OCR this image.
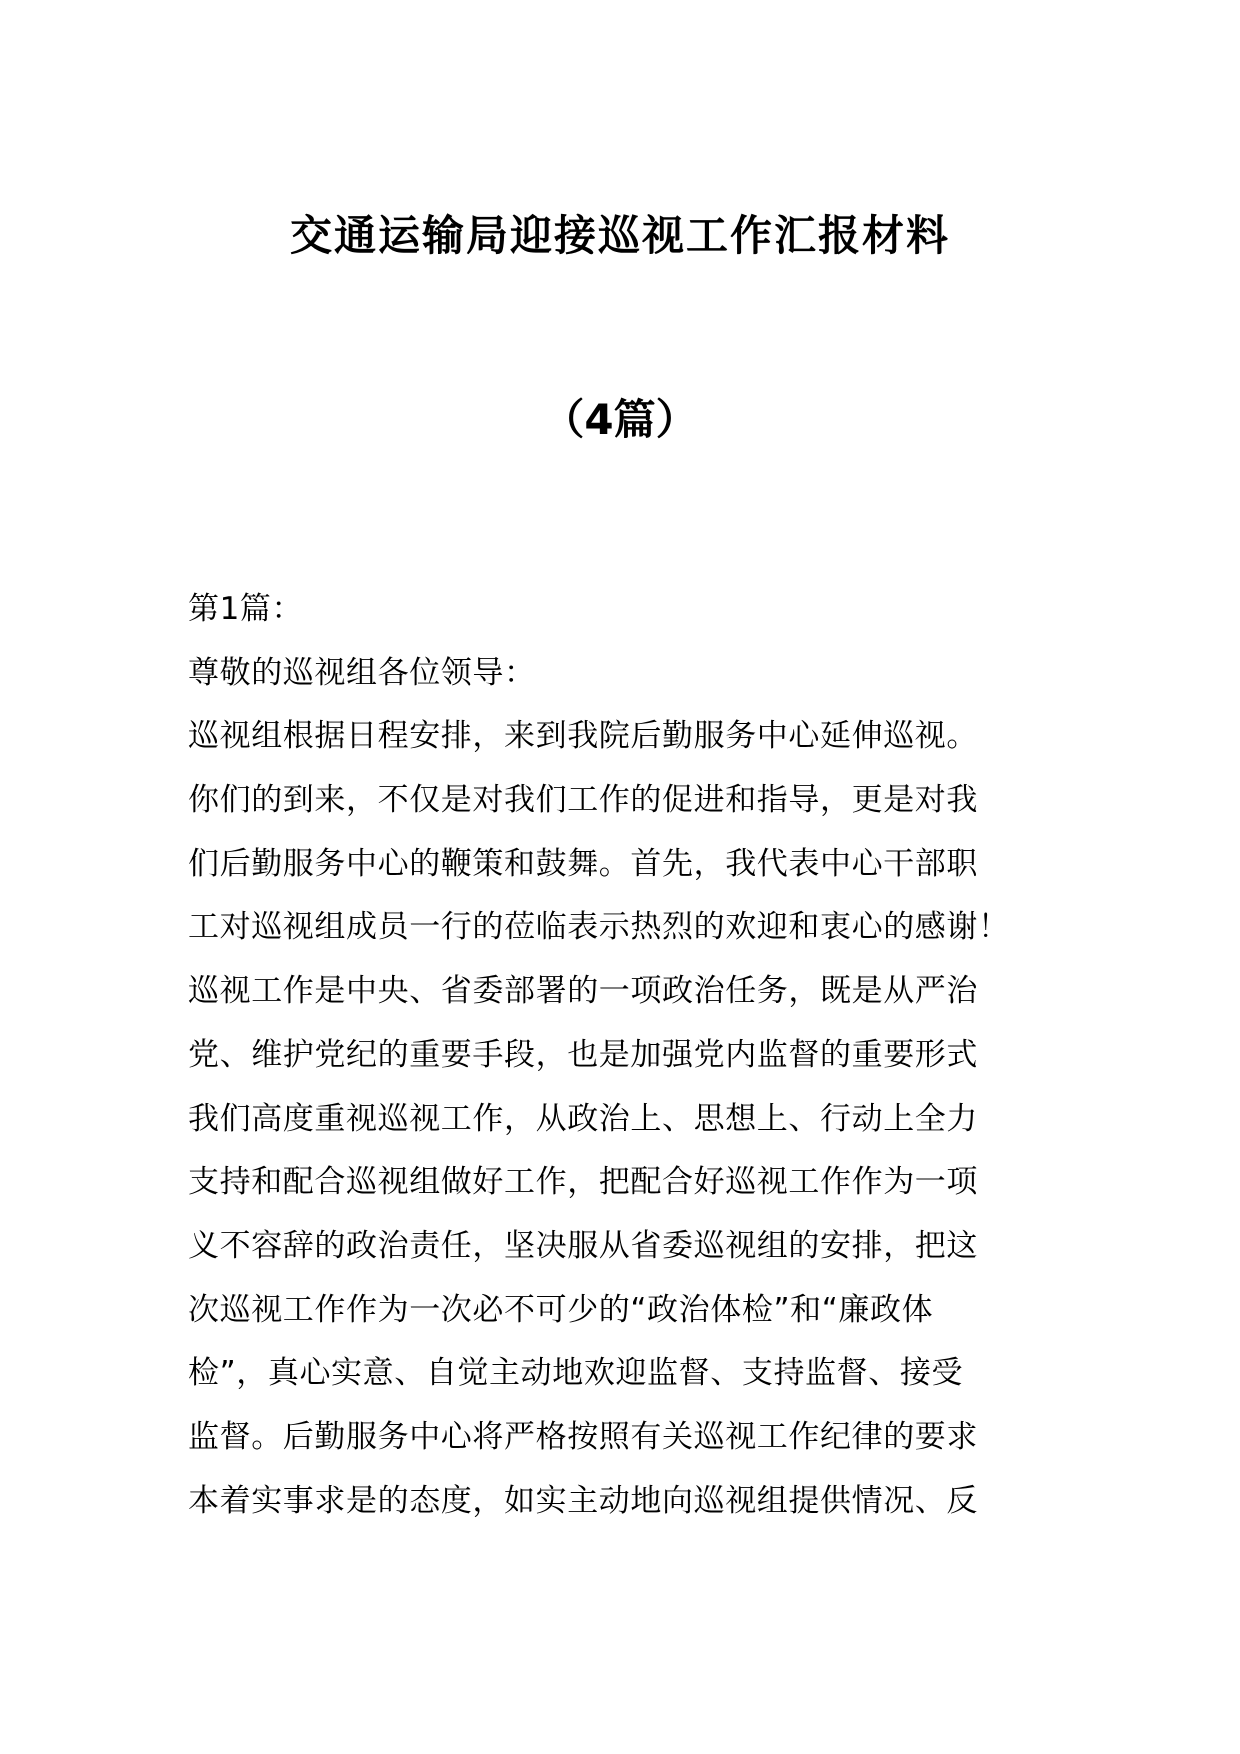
交通运输局迎接巡视工作汇报材料
（4篇）
第1篇：
尊敬的巡视组各位领导：
巡视组根据日程安排，来到我院后勤服务中心延伸巡视。
你们的到来，不仅是对我们工作的促进和指导，更是对我
们后勤服务中心的鞭策和鼓舞。首先，我代表中心干部职
工对巡视组成员一行的莅临表示热烈的欢迎和衷心的感谢！
巡视工作是中央、省委部署的一项政治任务，既是从严治
党、维护党纪的重要手段，也是加强党内监督的重要形式
我们高度重视巡视工作，从政治上、思想上、行动上全力
支持和配合巡视组做好工作，把配合好巡视工作作为一项
义不容辞的政治责任，坚决服从省委巡视组的安排，把这
次巡视工作作为一次必不可少的“政治体检”和“廉政体
检”，真心实意、自觉主动地欢迎监督、支持监督、接受
监督。后勤服务中心将严格按照有关巡视工作纪律的要求
本着实事求是的态度，如实主动地向巡视组提供情况、反
